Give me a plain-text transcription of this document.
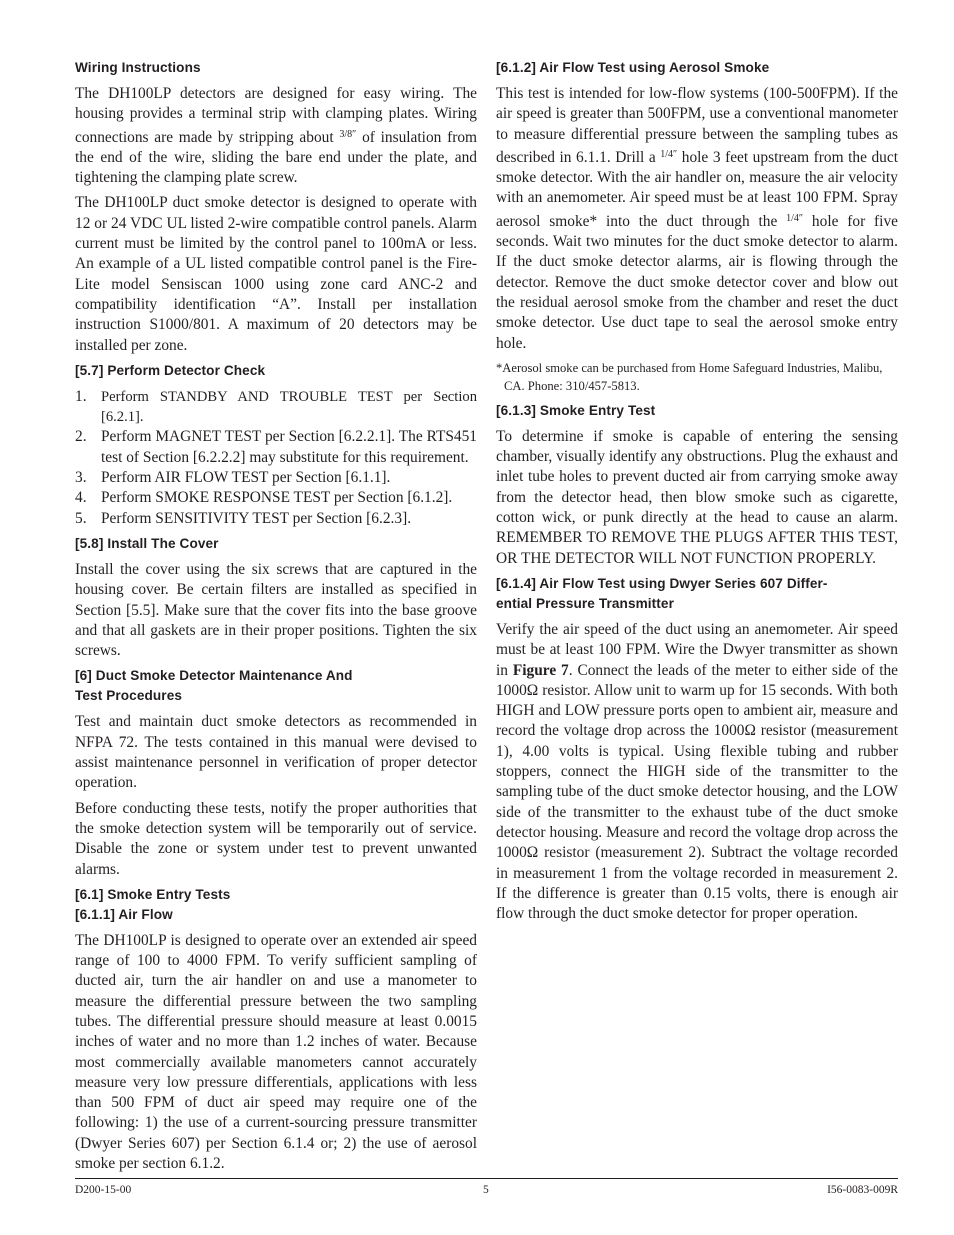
Wiring Instructions

The DH100LP detectors are designed for easy wiring. The housing provides a terminal strip with clamping plates. Wiring connections are made by stripping about $^{3/8''}$ of insulation from the end of the wire, sliding the bare end under the plate, and tightening the clamping plate screw.

The DH100LP duct smoke detector is designed to operate with 12 or 24 VDC UL listed 2-wire compatible control panels. Alarm current must be limited by the control panel to 100mA or less. An example of a UL listed compatible control panel is the Fire-Lite model Sensiscan 1000 using zone card ANC-2 and compatibility identification “A”. Install per installation instruction S1000/801. A maximum of 20 detectors may be installed per zone.

[5.7] Perform Detector Check
1. Perform STANDBY AND TROUBLE TEST per Section [6.2.1].
2. Perform MAGNET TEST per Section [6.2.2.1]. The RTS451 test of Section [6.2.2.2] may substitute for this requirement.
3. Perform AIR FLOW TEST per Section [6.1.1].
4. Perform SMOKE RESPONSE TEST per Section [6.1.2].
5. Perform SENSITIVITY TEST per Section [6.2.3].
[5.8] Install The Cover

Install the cover using the six screws that are captured in the housing cover. Be certain filters are installed as specified in Section [5.5]. Make sure that the cover fits into the base groove and that all gaskets are in their proper positions. Tighten the six screws.

[6] Duct Smoke Detector Maintenance And
Test Procedures

Test and maintain duct smoke detectors as recommended in NFPA 72. The tests contained in this manual were devised to assist maintenance personnel in verification of proper detector operation.

Before conducting these tests, notify the proper authorities that the smoke detection system will be temporarily out of service. Disable the zone or system under test to prevent unwanted alarms.

[6.1] Smoke Entry Tests
[6.1.1] Air Flow

The DH100LP is designed to operate over an extended air speed range of 100 to 4000 FPM. To verify sufficient sampling of ducted air, turn the air handler on and use a manometer to measure the differential pressure between the two sampling tubes. The differential pressure should measure at least 0.0015 inches of water and no more than 1.2 inches of water. Because most commercially available manometers cannot accurately measure very low pressure differentials, applications with less than 500 FPM of duct air speed may require one of the following: 1) the use of a current-sourcing pressure transmitter (Dwyer Series 607) per Section 6.1.4 or; 2) the use of aerosol smoke per section 6.1.2.

[6.1.2] Air Flow Test using Aerosol Smoke

This test is intended for low-flow systems (100-500FPM). If the air speed is greater than 500FPM, use a conventional manometer to measure differential pressure between the sampling tubes as described in 6.1.1. Drill a $^{1/4''}$ hole 3 feet upstream from the duct smoke detector. With the air handler on, measure the air velocity with an anemometer. Air speed must be at least 100 FPM. Spray aerosol smoke* into the duct through the $^{1/4''}$ hole for five seconds. Wait two minutes for the duct smoke detector to alarm. If the duct smoke detector alarms, air is flowing through the detector. Remove the duct smoke detector cover and blow out the residual aerosol smoke from the chamber and reset the duct smoke detector. Use duct tape to seal the aerosol smoke entry hole.

*Aerosol smoke can be purchased from Home Safeguard Industries, Malibu, CA. Phone: 310/457-5813.

[6.1.3] Smoke Entry Test

To determine if smoke is capable of entering the sensing chamber, visually identify any obstructions. Plug the exhaust and inlet tube holes to prevent ducted air from carrying smoke away from the detector head, then blow smoke such as cigarette, cotton wick, or punk directly at the head to cause an alarm. REMEMBER TO REMOVE THE PLUGS AFTER THIS TEST, OR THE DETECTOR WILL NOT FUNCTION PROPERLY.

[6.1.4] Air Flow Test using Dwyer Series 607 Differ-
ential Pressure Transmitter

Verify the air speed of the duct using an anemometer. Air speed must be at least 100 FPM. Wire the Dwyer transmitter as shown in Figure 7. Connect the leads of the meter to either side of the 1000Ω resistor. Allow unit to warm up for 15 seconds. With both HIGH and LOW pressure ports open to ambient air, measure and record the voltage drop across the 1000Ω resistor (measurement 1), 4.00 volts is typical. Using flexible tubing and rubber stoppers, connect the HIGH side of the transmitter to the sampling tube of the duct smoke detector housing, and the LOW side of the transmitter to the exhaust tube of the duct smoke detector housing. Measure and record the voltage drop across the 1000Ω resistor (measurement 2). Subtract the voltage recorded in measurement 1 from the voltage recorded in measurement 2. If the difference is greater than 0.15 volts, there is enough air flow through the duct smoke detector for proper operation.

D200-15-00	5	I56-0083-009R
